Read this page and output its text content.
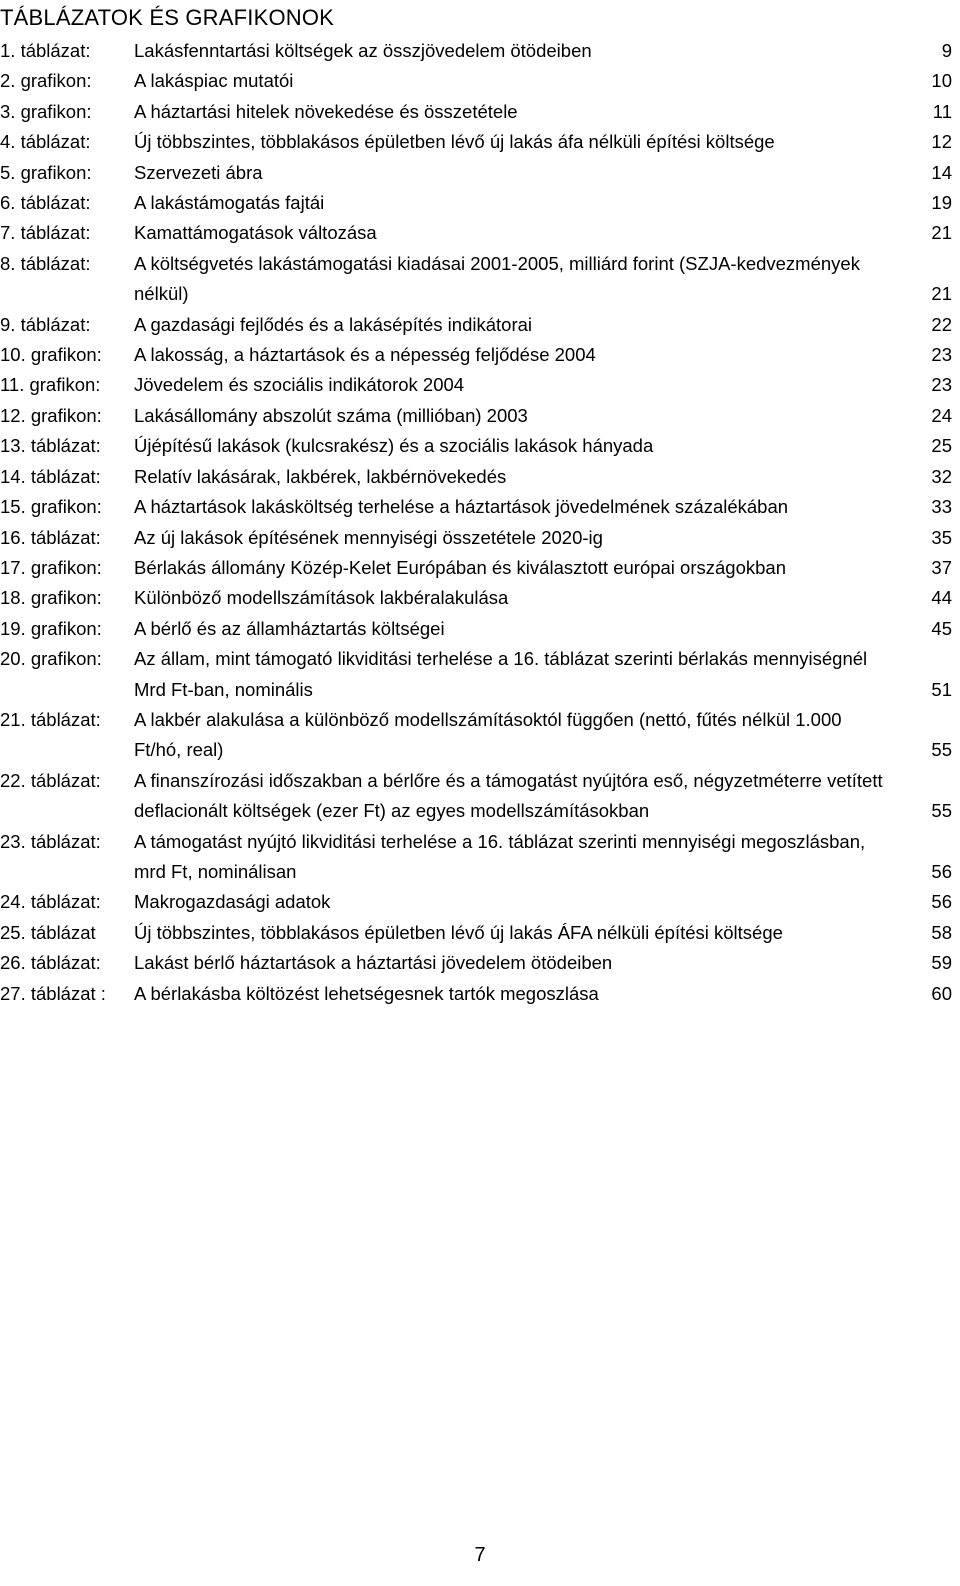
TÁBLÁZATOK ÉS GRAFIKONOK
1. táblázat: Lakásfenntartási költségek az összjövedelem ötödeiben	9
2. grafikon: A lakáspiac mutatói	10
3. grafikon: A háztartási hitelek növekedése és összetétele	11
4. táblázat: Új többszintes, többlakásos épületben lévő új lakás áfa nélküli építési költsége	12
5. grafikon: Szervezeti ábra	14
6. táblázat: A lakástámogatás fajtái	19
7. táblázat: Kamattámogatások változása	21
8. táblázat: A költségvetés lakástámogatási kiadásai 2001-2005, milliárd forint (SZJA-kedvezmények nélkül)	21
9. táblázat: A gazdasági fejlődés és a lakásépítés indikátorai	22
10. grafikon: A lakosság, a háztartások és a népesség feljődése 2004	23
11. grafikon: Jövedelem és szociális indikátorok 2004	23
12. grafikon: Lakásállomány abszolút száma (millióban) 2003	24
13. táblázat: Újépítésű lakások (kulcsrakész) és a szociális lakások hányada	25
14. táblázat: Relatív lakásárak, lakbérek, lakbérnövekedés	32
15. grafikon: A háztartások lakásköltség terhelése a háztartások jövedelmének százalékában	33
16. táblázat: Az új lakások építésének mennyiségi összetétele 2020-ig	35
17. grafikon: Bérlakás állomány Közép-Kelet Európában és kiválasztott európai országokban	37
18. grafikon: Különböző modellszámítások lakbéralakulása	44
19. grafikon: A bérlő és az államháztartás költségei	45
20. grafikon: Az állam, mint támogató likviditási terhelése a 16. táblázat szerinti bérlakás mennyiségnél Mrd Ft-ban, nominális	51
21. táblázat: A lakbér alakulása a különböző modellszámításoktól függően (nettó, fűtés nélkül 1.000 Ft/hó, real)	55
22. táblázat: A finanszírozási időszakban a bérlőre és a támogatást nyújtóra eső, négyzetméterre vetített deflacionált költségek (ezer Ft) az egyes modellszámításokban	55
23. táblázat: A támogatást nyújtó likviditási terhelése a 16. táblázat szerinti mennyiségi megoszlásban, mrd Ft, nominálisan	56
24. táblázat: Makrogazdasági adatok	56
25. táblázat Új többszintes, többlakásos épületben lévő új lakás ÁFA nélküli építési költsége	58
26. táblázat: Lakást bérlő háztartások a háztartási jövedelem ötödeiben	59
27. táblázat : A bérlakásba költözést lehetségesnek tartók megoszlása	60
7
